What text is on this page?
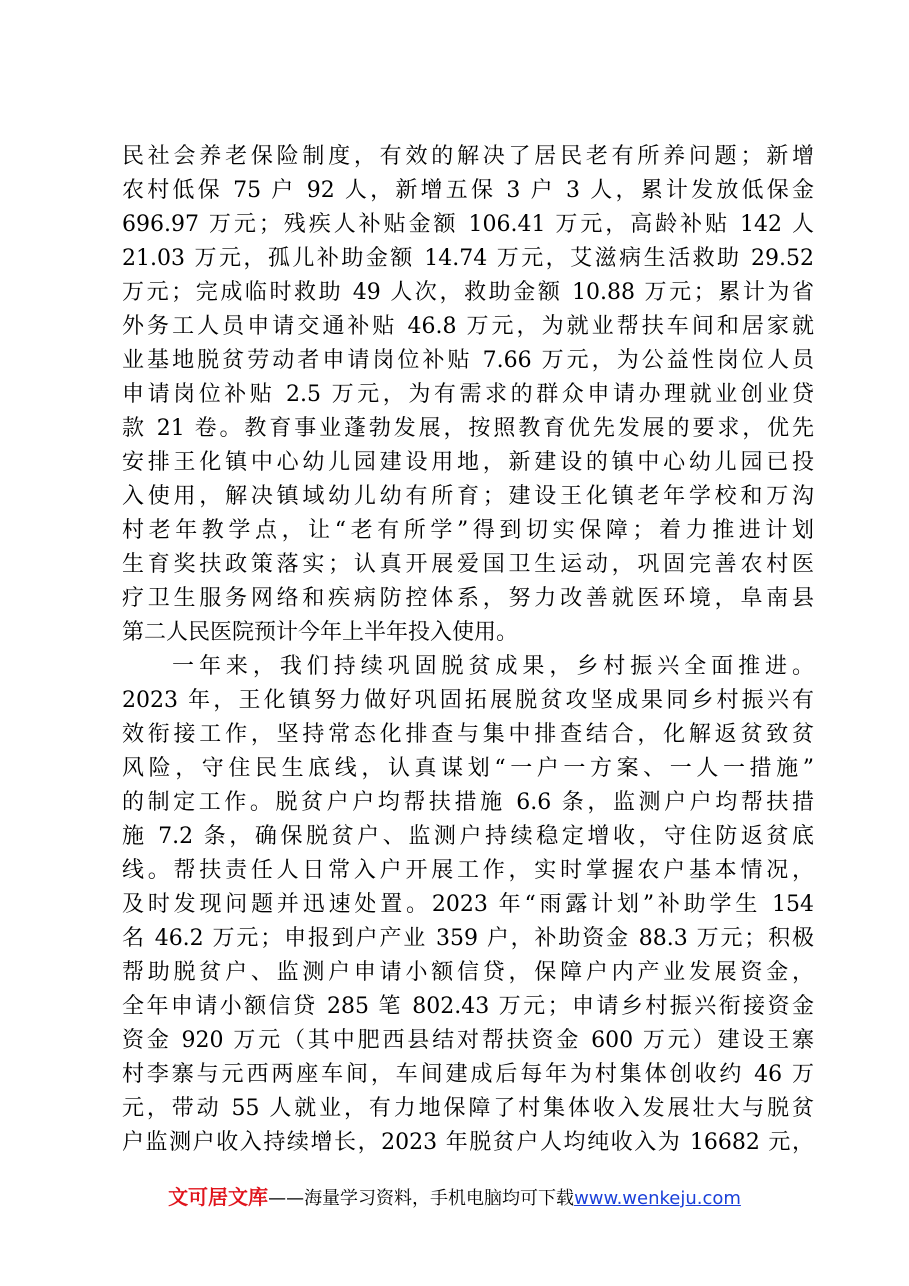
民社会养老保险制度，有效的解决了居民老有所养问题；新增
农村低保 75 户 92 人，新增五保 3 户 3 人，累计发放低保金
696.97 万元；残疾人补贴金额 106.41 万元，高龄补贴 142 人
21.03 万元，孤儿补助金额 14.74 万元，艾滋病生活救助 29.52
万元；完成临时救助 49 人次，救助金额 10.88 万元；累计为省
外务工人员申请交通补贴 46.8 万元，为就业帮扶车间和居家就
业基地脱贫劳动者申请岗位补贴 7.66 万元，为公益性岗位人员
申请岗位补贴 2.5 万元，为有需求的群众申请办理就业创业贷
款 21 卷。教育事业蓬勃发展，按照教育优先发展的要求，优先
安排王化镇中心幼儿园建设用地，新建设的镇中心幼儿园已投
入使用，解决镇域幼儿幼有所育；建设王化镇老年学校和万沟
村老年教学点，让“老有所学”得到切实保障；着力推进计划
生育奖扶政策落实；认真开展爱国卫生运动，巩固完善农村医
疗卫生服务网络和疾病防控体系，努力改善就医环境，阜南县
第二人民医院预计今年上半年投入使用。
一年来，我们持续巩固脱贫成果，乡村振兴全面推进。
2023 年，王化镇努力做好巩固拓展脱贫攻坚成果同乡村振兴有
效衔接工作，坚持常态化排查与集中排查结合，化解返贫致贫
风险，守住民生底线，认真谋划“一户一方案、一人一措施”
的制定工作。脱贫户户均帮扶措施 6.6 条，监测户户均帮扶措
施 7.2 条，确保脱贫户、监测户持续稳定增收，守住防返贫底
线。帮扶责任人日常入户开展工作，实时掌握农户基本情况，
及时发现问题并迅速处置。2023 年“雨露计划”补助学生 154
名 46.2 万元；申报到户产业 359 户，补助资金 88.3 万元；积极
帮助脱贫户、监测户申请小额信贷，保障户内产业发展资金，
全年申请小额信贷 285 笔 802.43 万元；申请乡村振兴衔接资金
资金 920 万元（其中肥西县结对帮扶资金 600 万元）建设王寨
村李寨与元西两座车间，车间建成后每年为村集体创收约 46 万
元，带动 55 人就业，有力地保障了村集体收入发展壮大与脱贫
户监测户收入持续增长，2023 年脱贫户人均纯收入为 16682 元，
文可居文库——海量学习资料，手机电脑均可下载www.wenkeju.com
